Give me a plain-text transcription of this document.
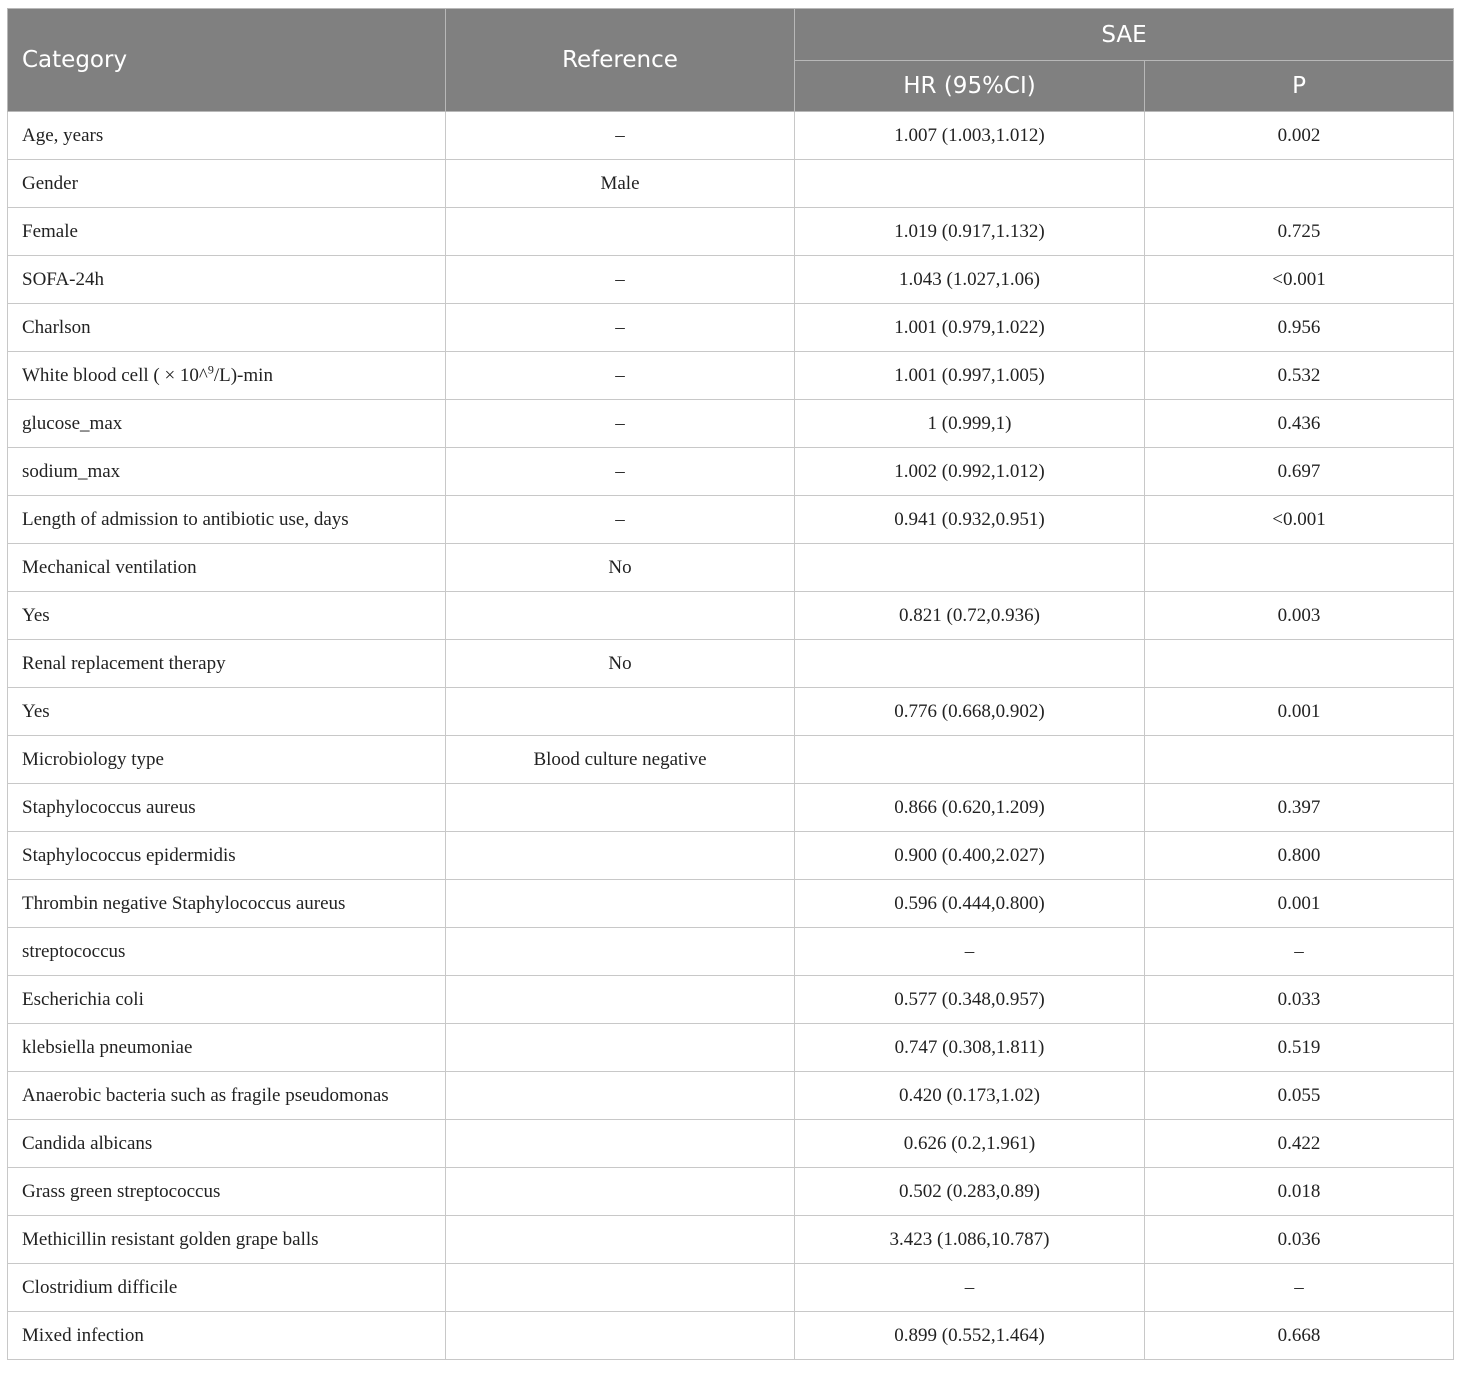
Category	Reference	SAE	
		HR (95%CI)	P
Age, years	–	1.007 (1.003,1.012)	0.002
Gender	Male		
Female		1.019 (0.917,1.132)	0.725
SOFA-24h	–	1.043 (1.027,1.06)	<0.001
Charlson	–	1.001 (0.979,1.022)	0.956
White blood cell ( × 10^$^9$/L)-min	–	1.001 (0.997,1.005)	0.532
glucose_max	–	1 (0.999,1)	0.436
sodium_max	–	1.002 (0.992,1.012)	0.697
Length of admission to antibiotic use, days	–	0.941 (0.932,0.951)	<0.001
Mechanical ventilation	No		
Yes		0.821 (0.72,0.936)	0.003
Renal replacement therapy	No		
Yes		0.776 (0.668,0.902)	0.001
Microbiology type	Blood culture negative		
Staphylococcus aureus		0.866 (0.620,1.209)	0.397
Staphylococcus epidermidis		0.900 (0.400,2.027)	0.800
Thrombin negative Staphylococcus aureus		0.596 (0.444,0.800)	0.001
streptococcus		–	–
Escherichia coli		0.577 (0.348,0.957)	0.033
klebsiella pneumoniae		0.747 (0.308,1.811)	0.519
Anaerobic bacteria such as fragile pseudomonas		0.420 (0.173,1.02)	0.055
Candida albicans		0.626 (0.2,1.961)	0.422
Grass green streptococcus		0.502 (0.283,0.89)	0.018
Methicillin resistant golden grape balls		3.423 (1.086,10.787)	0.036
Clostridium difficile		–	–
Mixed infection		0.899 (0.552,1.464)	0.668
